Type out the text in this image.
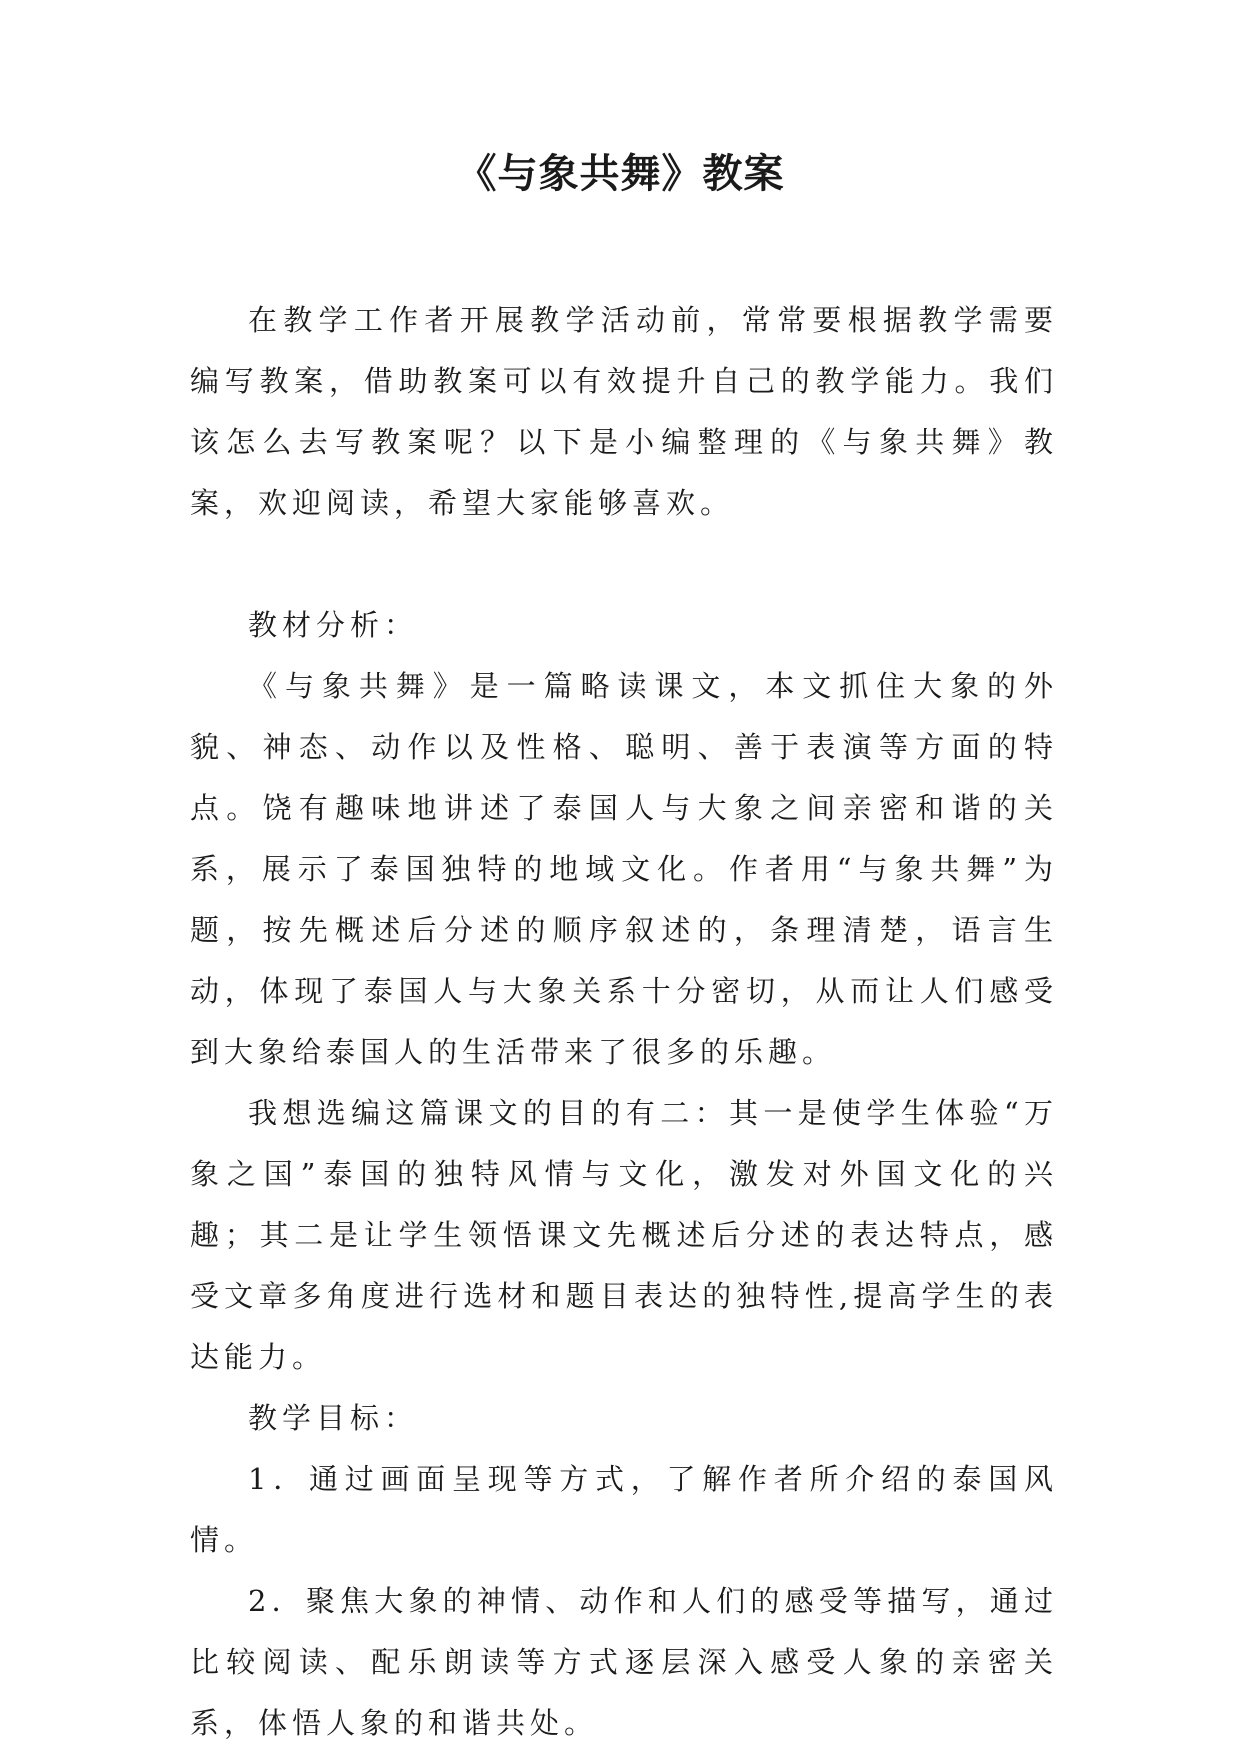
《与象共舞》教案

在教学工作者开展教学活动前，常常要根据教学需要编写教案，借助教案可以有效提升自己的教学能力。我们该怎么去写教案呢？以下是小编整理的《与象共舞》教案，欢迎阅读，希望大家能够喜欢。

教材分析：

《与象共舞》是一篇略读课文，本文抓住大象的外貌、神态、动作以及性格、聪明、善于表演等方面的特点。饶有趣味地讲述了泰国人与大象之间亲密和谐的关系，展示了泰国独特的地域文化。作者用“与象共舞”为题，按先概述后分述的顺序叙述的，条理清楚，语言生动，体现了泰国人与大象关系十分密切，从而让人们感受到大象给泰国人的生活带来了很多的乐趣。

我想选编这篇课文的目的有二：其一是使学生体验“万象之国”泰国的独特风情与文化，激发对外国文化的兴趣；其二是让学生领悟课文先概述后分述的表达特点，感受文章多角度进行选材和题目表达的独特性,提高学生的表达能力。

教学目标：

1．通过画面呈现等方式，了解作者所介绍的泰国风情。

2．聚焦大象的神情、动作和人们的感受等描写，通过比较阅读、配乐朗读等方式逐层深入感受人象的亲密关系，体悟人象的和谐共处。
